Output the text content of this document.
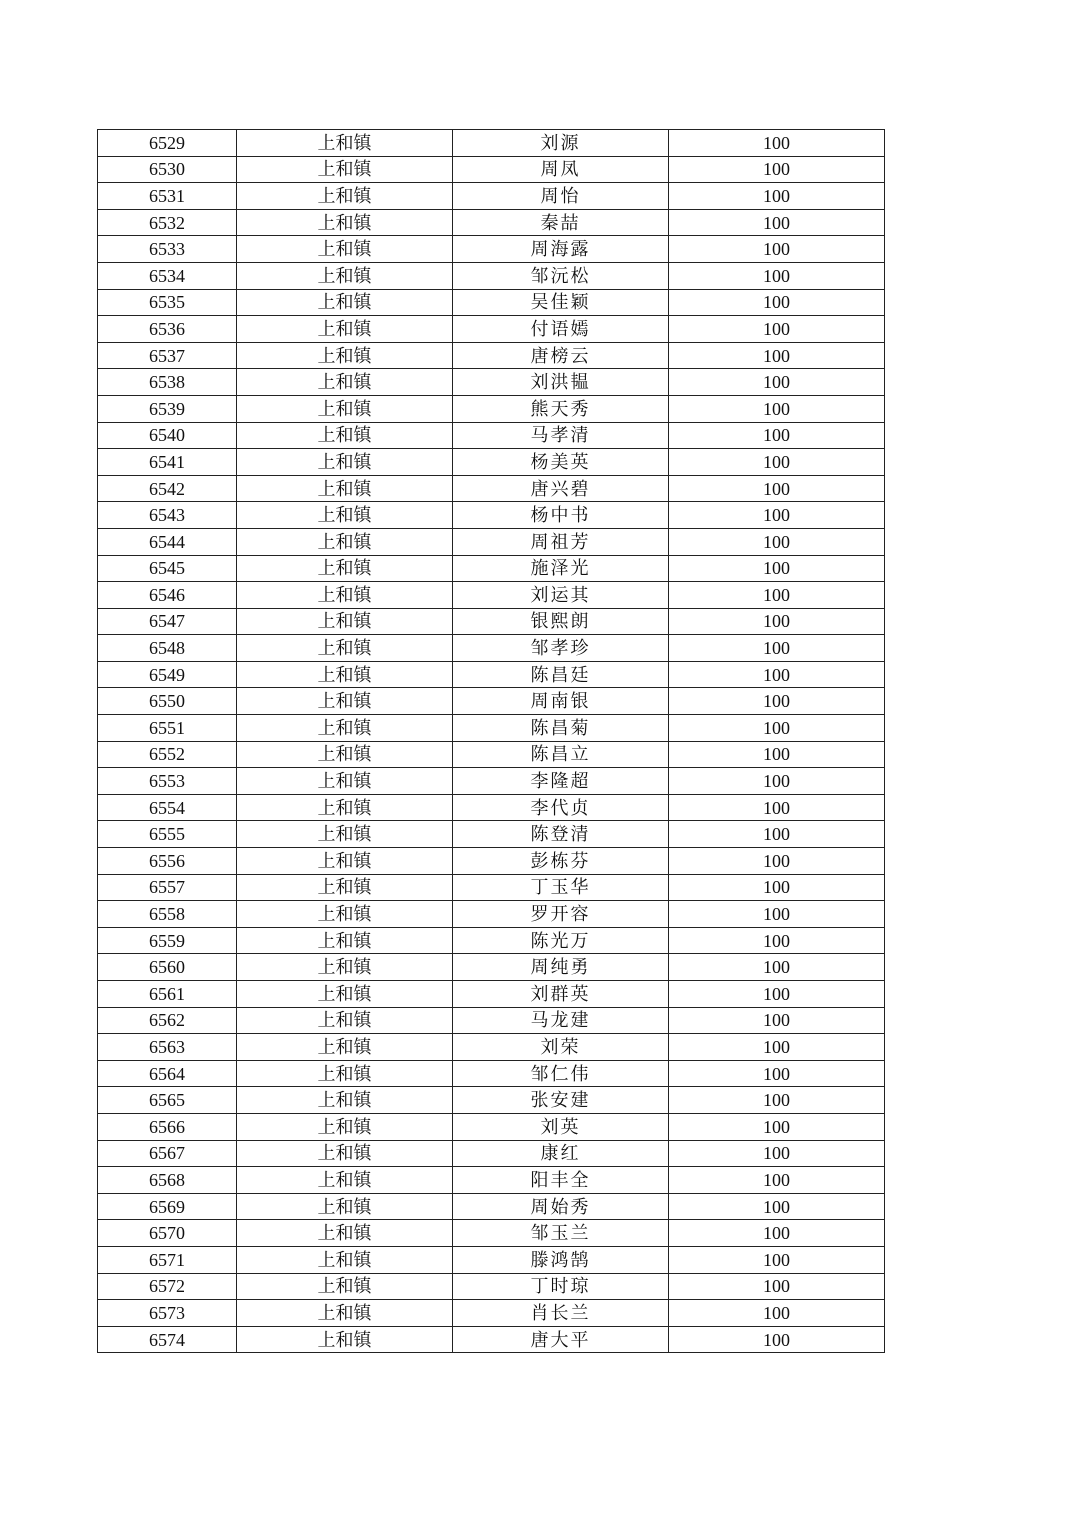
6529	上和镇	刘源	100
6530	上和镇	周凤	100
6531	上和镇	周怡	100
6532	上和镇	秦喆	100
6533	上和镇	周海露	100
6534	上和镇	邹沅松	100
6535	上和镇	吴佳颖	100
6536	上和镇	付语嫣	100
6537	上和镇	唐榜云	100
6538	上和镇	刘洪韫	100
6539	上和镇	熊天秀	100
6540	上和镇	马孝清	100
6541	上和镇	杨美英	100
6542	上和镇	唐兴碧	100
6543	上和镇	杨中书	100
6544	上和镇	周祖芳	100
6545	上和镇	施泽光	100
6546	上和镇	刘运其	100
6547	上和镇	银熙朗	100
6548	上和镇	邹孝珍	100
6549	上和镇	陈昌廷	100
6550	上和镇	周南银	100
6551	上和镇	陈昌菊	100
6552	上和镇	陈昌立	100
6553	上和镇	李隆超	100
6554	上和镇	李代贞	100
6555	上和镇	陈登清	100
6556	上和镇	彭栋芬	100
6557	上和镇	丁玉华	100
6558	上和镇	罗开容	100
6559	上和镇	陈光万	100
6560	上和镇	周纯勇	100
6561	上和镇	刘群英	100
6562	上和镇	马龙建	100
6563	上和镇	刘荣	100
6564	上和镇	邹仁伟	100
6565	上和镇	张安建	100
6566	上和镇	刘英	100
6567	上和镇	康红	100
6568	上和镇	阳丰全	100
6569	上和镇	周始秀	100
6570	上和镇	邹玉兰	100
6571	上和镇	滕鸿鹄	100
6572	上和镇	丁时琼	100
6573	上和镇	肖长兰	100
6574	上和镇	唐大平	100
